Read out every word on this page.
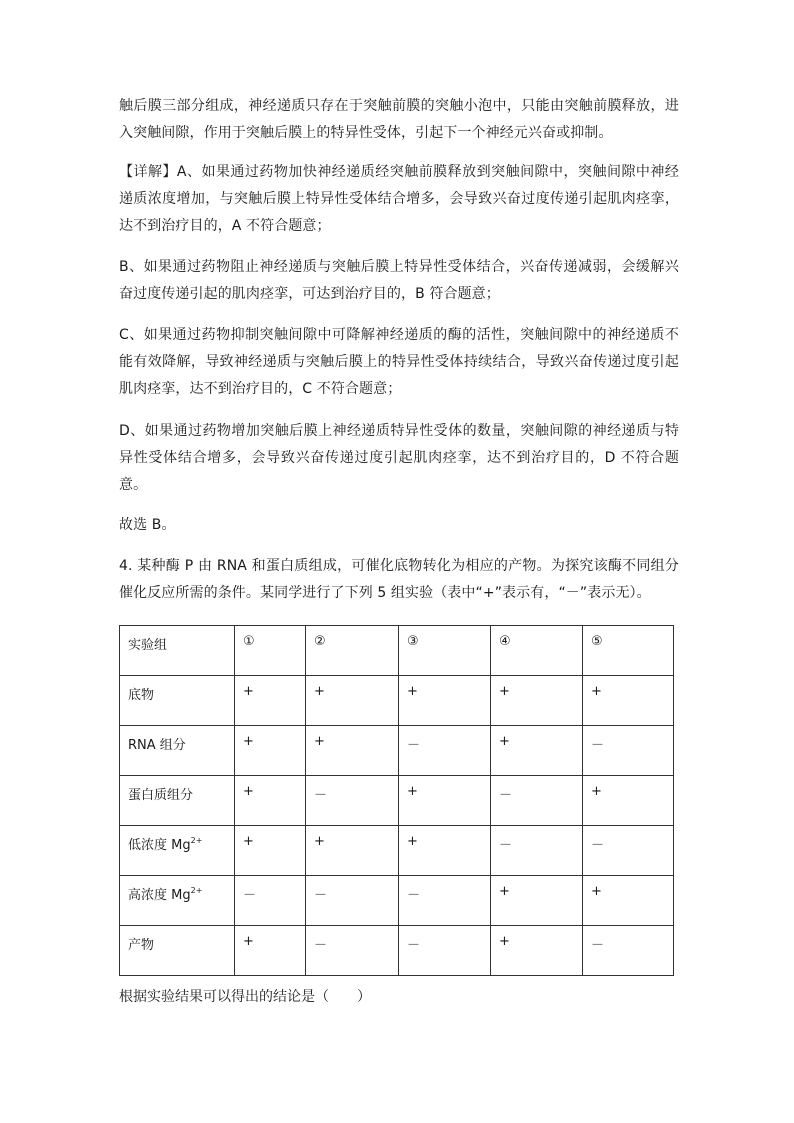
触后膜三部分组成，神经递质只存在于突触前膜的突触小泡中，只能由突触前膜释放，进
入突触间隙，作用于突触后膜上的特异性受体，引起下一个神经元兴奋或抑制。
【详解】A、如果通过药物加快神经递质经突触前膜释放到突触间隙中，突触间隙中神经
递质浓度增加，与突触后膜上特异性受体结合增多，会导致兴奋过度传递引起肌肉痉挛，
达不到治疗目的，A 不符合题意；
B、如果通过药物阻止神经递质与突触后膜上特异性受体结合，兴奋传递减弱，会缓解兴
奋过度传递引起的肌肉痉挛，可达到治疗目的，B 符合题意；
C、如果通过药物抑制突触间隙中可降解神经递质的酶的活性，突触间隙中的神经递质不
能有效降解，导致神经递质与突触后膜上的特异性受体持续结合，导致兴奋传递过度引起
肌肉痉挛，达不到治疗目的，C 不符合题意；
D、如果通过药物增加突触后膜上神经递质特异性受体的数量，突触间隙的神经递质与特
异性受体结合增多，会导致兴奋传递过度引起肌肉痉挛，达不到治疗目的，D 不符合题
意。
故选 B。
4. 某种酶 P 由 RNA 和蛋白质组成，可催化底物转化为相应的产物。为探究该酶不同组分
催化反应所需的条件。某同学进行了下列 5 组实验（表中“+”表示有，“－”表示无）。
实验组	①	②	③	④	⑤
底物	+	+	+	+	+
RNA 组分	+	+	－	+	－
蛋白质组分	+	－	+	－	+
低浓度 $Mg^{2+}$	+	+	+	－	－
高浓度 $Mg^{2+}$	－	－	－	+	+
产物	+	－	－	+	－
根据实验结果可以得出的结论是（　　）
